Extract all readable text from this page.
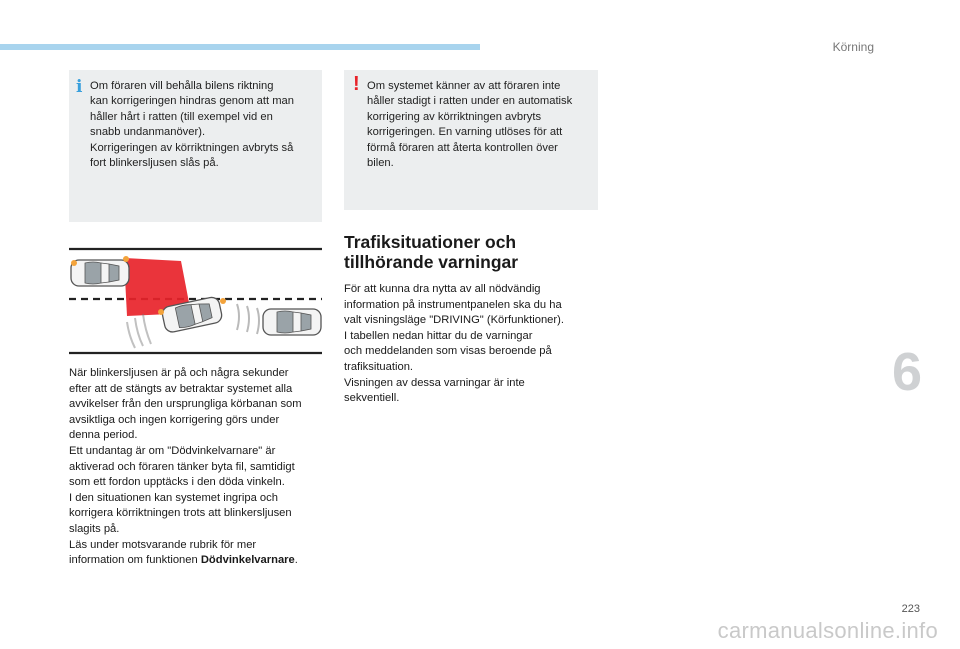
Körning
i Om föraren vill behålla bilens riktning
kan korrigeringen hindras genom att man
håller hårt i ratten (till exempel vid en
snabb undanmanöver).
Korrigeringen av körriktningen avbryts så
fort blinkersljusen slås på.

! Om systemet känner av att föraren inte
håller stadigt i ratten under en automatisk
korrigering av körriktningen avbryts
korrigeringen. En varning utlöses för att
förmå föraren att återta kontrollen över
bilen.

När blinkersljusen är på och några sekunder
efter att de stängts av betraktar systemet alla
avvikelser från den ursprungliga körbanan som
avsiktliga och ingen korrigering görs under
denna period.
Ett undantag är om "Dödvinkelvarnare" är
aktiverad och föraren tänker byta fil, samtidigt
som ett fordon upptäcks i den döda vinkeln.
I den situationen kan systemet ingripa och
korrigera körriktningen trots att blinkersljusen
slagits på.
Läs under motsvarande rubrik för mer
information om funktionen Dödvinkelvarnare.

Trafiksituationer och
tillhörande varningar

För att kunna dra nytta av all nödvändig
information på instrumentpanelen ska du ha
valt visningsläge "DRIVING" (Körfunktioner).
I tabellen nedan hittar du de varningar
och meddelanden som visas beroende på
trafiksituation.
Visningen av dessa varningar är inte
sekventiell.	6
223
carmanualsonline.info
